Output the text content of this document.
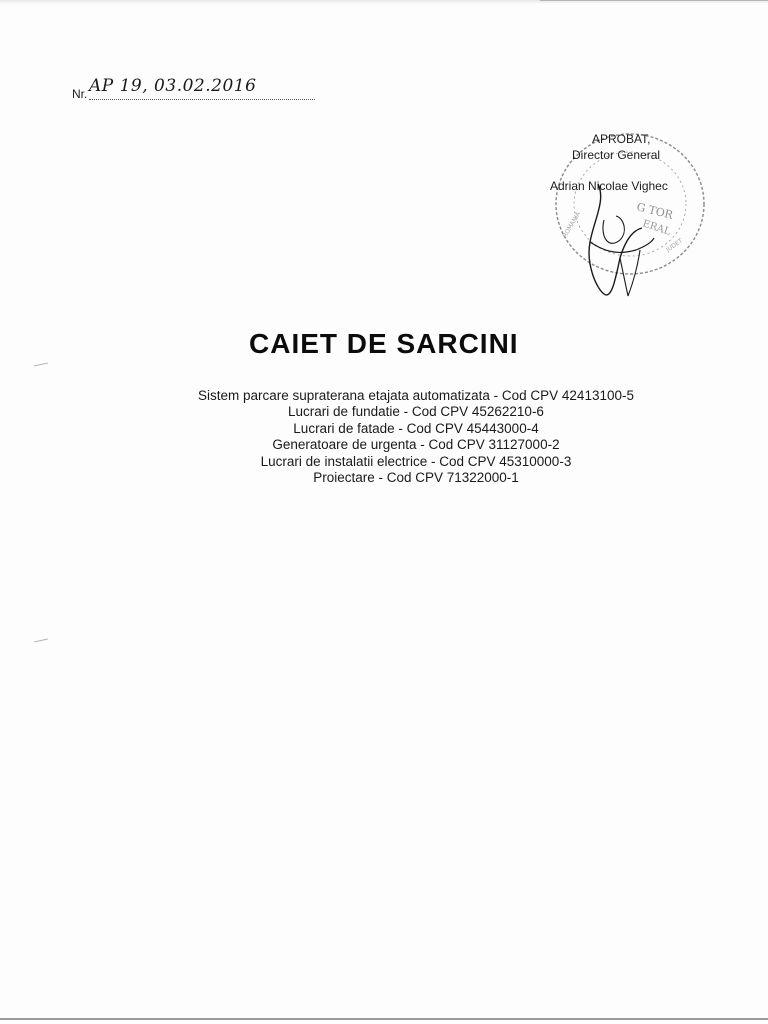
Nr. AP 19, 03.02.2016
G TOR
ERAL
ROMANIA
JUDET
APROBAT,
Director General
Adrian Nicolae Vighec
CAIET DE SARCINI
Sistem parcare supraterana etajata automatizata - Cod CPV 42413100-5
Lucrari de fundatie - Cod CPV 45262210-6
Lucrari de fatade - Cod CPV 45443000-4
Generatoare de urgenta - Cod CPV 31127000-2
Lucrari de instalatii electrice - Cod CPV 45310000-3
Proiectare - Cod CPV 71322000-1
